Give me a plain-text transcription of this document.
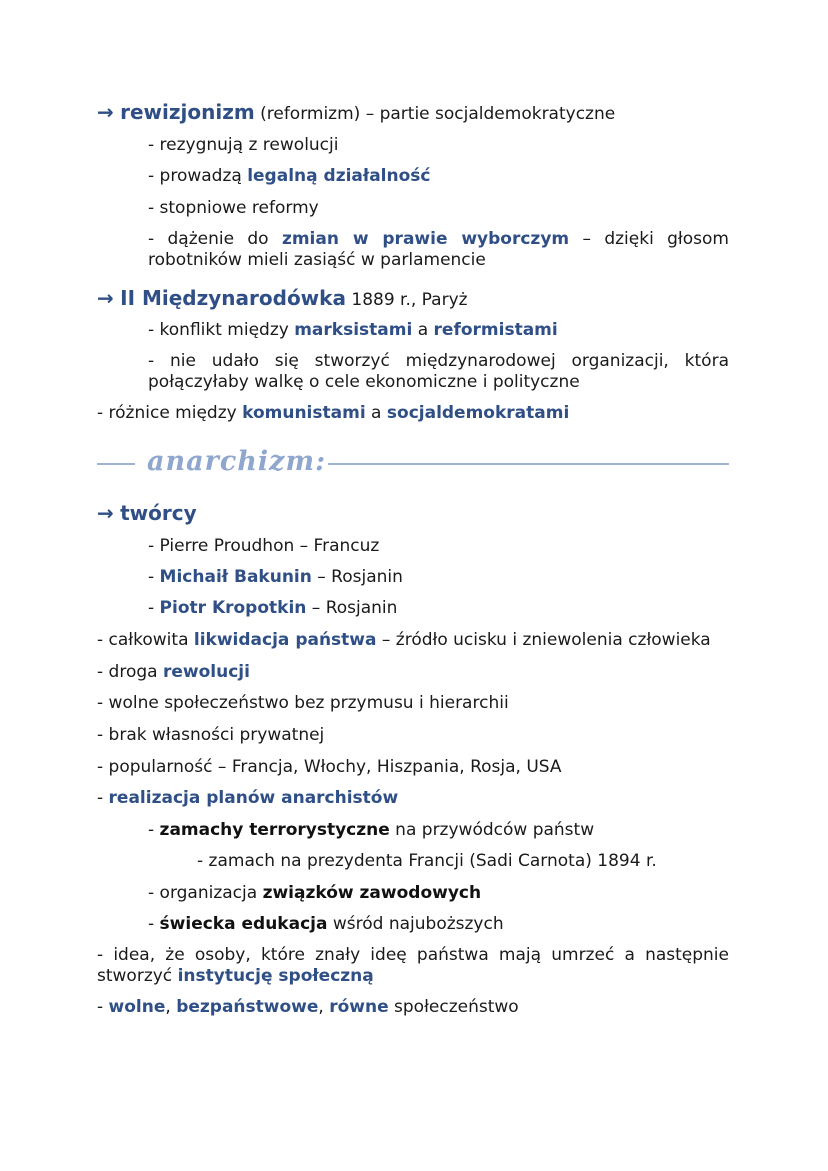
→ rewizjonizm (reformizm) – partie socjaldemokratyczne
- rezygnują z rewolucji
- prowadzą legalną działalność
- stopniowe reformy
- dążenie do zmian w prawie wyborczym – dzięki głosom robotników mieli zasiąść w parlamencie
→ II Międzynarodówka 1889 r., Paryż
- konflikt między marksistami a reformistami
- nie udało się stworzyć międzynarodowej organizacji, która połączyłaby walkę o cele ekonomiczne i polityczne
- różnice między komunistami a socjaldemokratami
anarchizm:
→ twórcy
- Pierre Proudhon – Francuz
- Michaił Bakunin – Rosjanin
- Piotr Kropotkin – Rosjanin
- całkowita likwidacja państwa – źródło ucisku i zniewolenia człowieka
- droga rewolucji
- wolne społeczeństwo bez przymusu i hierarchii
- brak własności prywatnej
- popularność – Francja, Włochy, Hiszpania, Rosja, USA
- realizacja planów anarchistów
- zamachy terrorystyczne na przywódców państw
- zamach na prezydenta Francji (Sadi Carnota) 1894 r.
- organizacja związków zawodowych
- świecka edukacja wśród najuboższych
- idea, że osoby, które znały ideę państwa mają umrzeć a następnie stworzyć instytucję społeczną
- wolne, bezpaństwowe, równe społeczeństwo
